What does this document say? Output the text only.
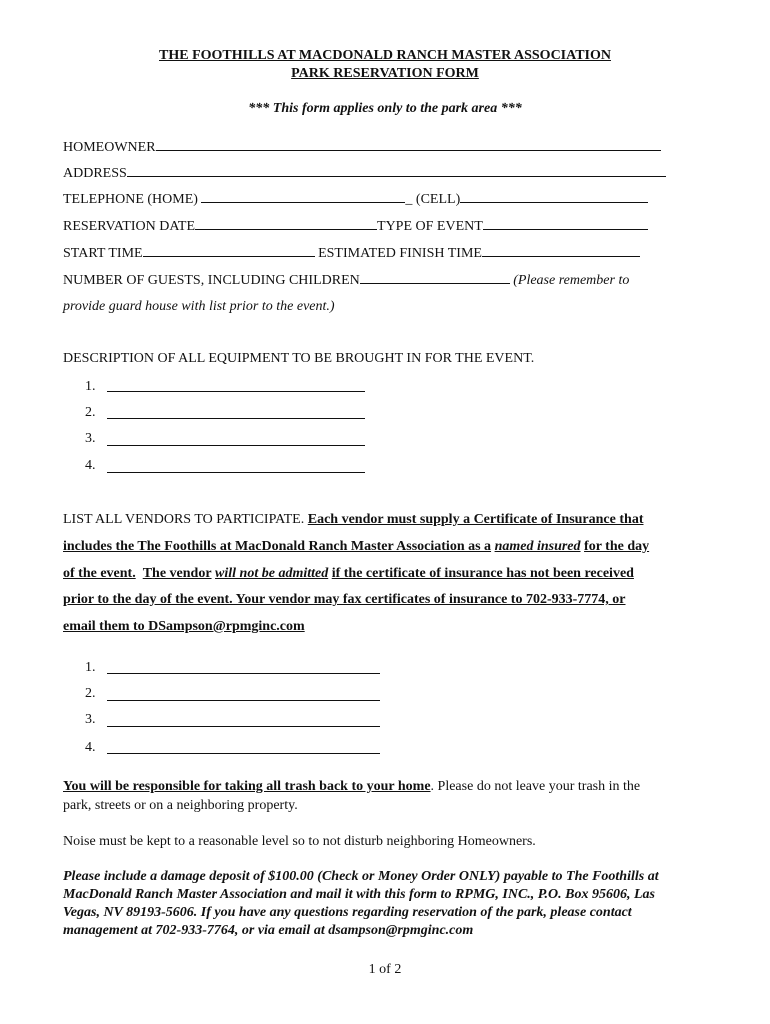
THE FOOTHILLS AT MACDONALD RANCH MASTER ASSOCIATION
PARK RESERVATION FORM
*** This form applies only to the park area ***
HOMEOWNER
ADDRESS
TELEPHONE (HOME)	_ (CELL)
RESERVATION DATE	TYPE OF EVENT
START TIME	ESTIMATED FINISH TIME
NUMBER OF GUESTS, INCLUDING CHILDREN	(Please remember to
provide guard house with list prior to the event.)
DESCRIPTION OF ALL EQUIPMENT TO BE BROUGHT IN FOR THE EVENT.
1.
2.
3.
4.
LIST ALL VENDORS TO PARTICIPATE. Each vendor must supply a Certificate of Insurance that
includes the The Foothills at MacDonald Ranch Master Association as a named insured for the day
of the event. The vendor will not be admitted if the certificate of insurance has not been received
prior to the day of the event. Your vendor may fax certificates of insurance to 702-933-7774, or
email them to DSampson@rpmginc.com
1.
2.
3.
4.
You will be responsible for taking all trash back to your home. Please do not leave your trash in the
park, streets or on a neighboring property.
Noise must be kept to a reasonable level so to not disturb neighboring Homeowners.
Please include a damage deposit of $100.00 (Check or Money Order ONLY) payable to The Foothills at
MacDonald Ranch Master Association and mail it with this form to RPMG, INC., P.O. Box 95606, Las
Vegas, NV 89193-5606. If you have any questions regarding reservation of the park, please contact
management at 702-933-7764, or via email at dsampson@rpmginc.com
1 of 2
